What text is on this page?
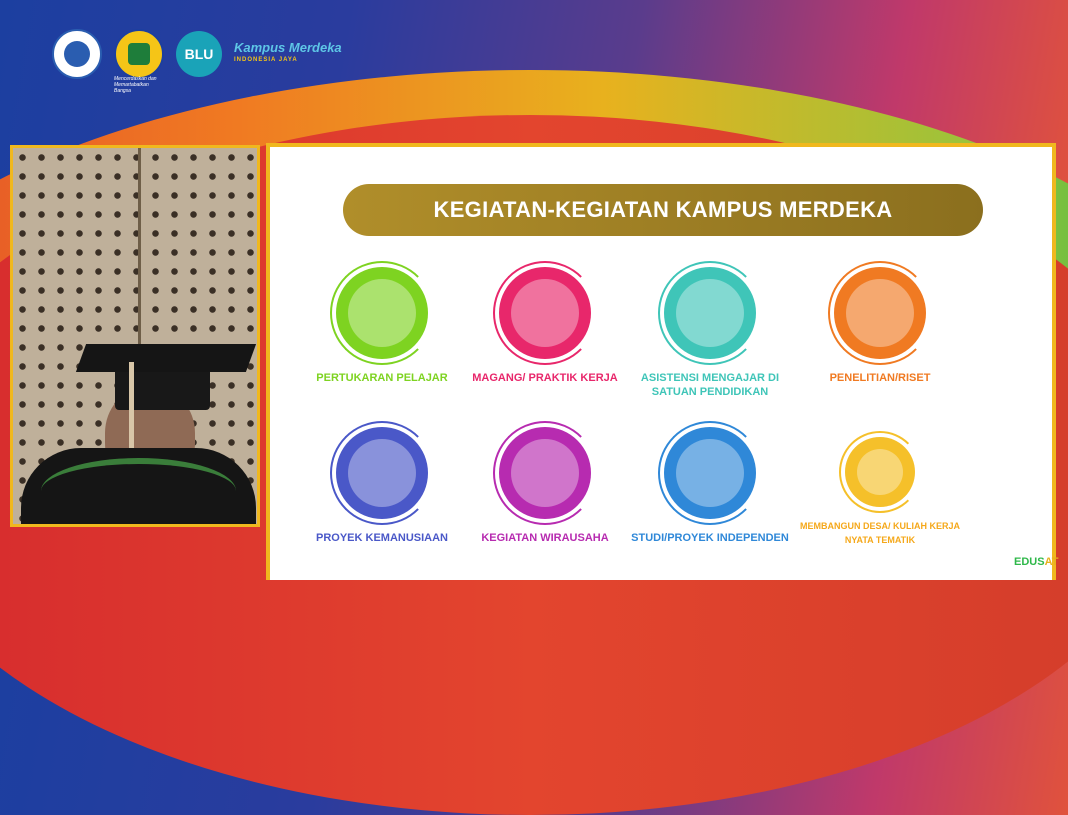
BLU	Kampus Merdeka
INDONESIA JAYA
Mencerdaskan dan Memartabatkan Bangsa
KEGIATAN-KEGIATAN KAMPUS MERDEKA
PERTUKARAN PELAJAR	MAGANG/ PRAKTIK KERJA	ASISTENSI MENGAJAR DI SATUAN PENDIDIKAN
PENELITIAN/RISET
PROYEK KEMANUSIAAN	KEGIATAN WIRAUSAHA	STUDI/PROYEK INDEPENDEN
MEMBANGUN DESA/ KULIAH KERJA NYATA TEMATIK
EDUSAT
